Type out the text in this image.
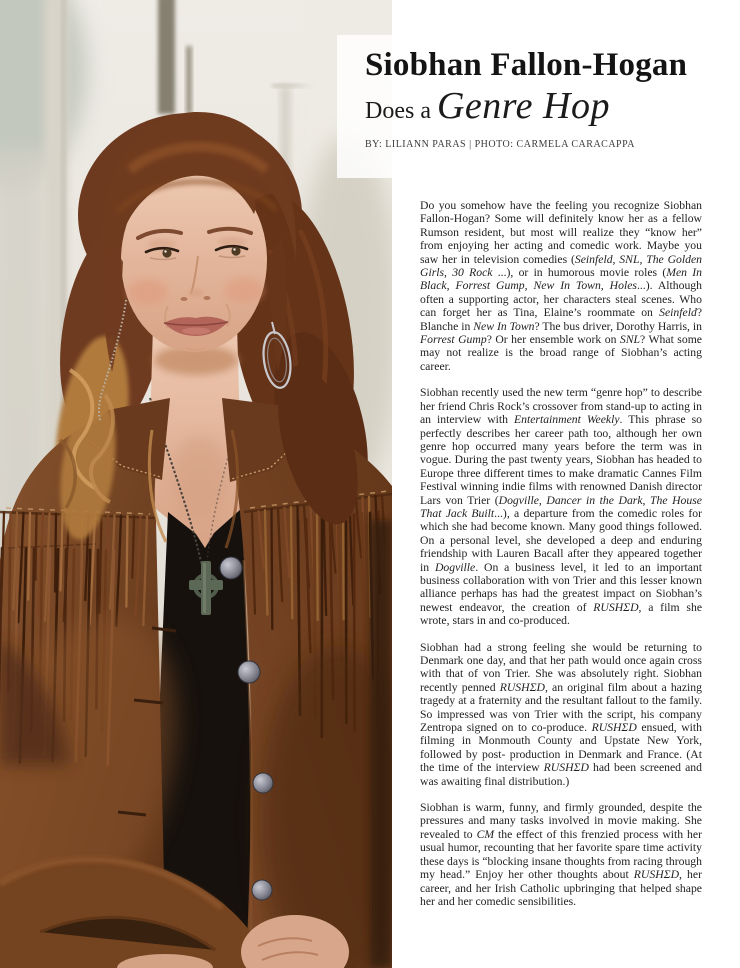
Siobhan Fallon-Hogan
Does a Genre Hop
BY: LILIANN PARAS | PHOTO: CARMELA CARACAPPA

Do you somehow have the feeling you recognize Siobhan Fallon-Hogan? Some will definitely know her as a fellow Rumson resident, but most will realize they “know her” from enjoying her acting and comedic work. Maybe you saw her in television comedies (Seinfeld, SNL, The Golden Girls, 30 Rock ...), or in humorous movie roles (Men In Black, Forrest Gump, New In Town, Holes...). Although often a supporting actor, her characters steal scenes. Who can forget her as Tina, Elaine’s roommate on Seinfeld? Blanche in New In Town? The bus driver, Dorothy Harris, in Forrest Gump? Or her ensemble work on SNL? What some may not realize is the broad range of Siobhan’s acting career.

Siobhan recently used the new term “genre hop” to describe her friend Chris Rock’s crossover from stand-up to acting in an interview with Entertainment Weekly. This phrase so perfectly describes her career path too, although her own genre hop occurred many years before the term was in vogue. During the past twenty years, Siobhan has headed to Europe three different times to make dramatic Cannes Film Festival winning indie films with renowned Danish director Lars von Trier (Dogville, Dancer in the Dark, The House That Jack Built...), a departure from the comedic roles for which she had become known. Many good things followed. On a personal level, she developed a deep and enduring friendship with Lauren Bacall after they appeared together in Dogville. On a business level, it led to an important business collaboration with von Trier and this lesser known alliance perhaps has had the greatest impact on Siobhan’s newest endeavor, the creation of RUSHΣD, a film she wrote, stars in and co-produced.

Siobhan had a strong feeling she would be returning to Denmark one day, and that her path would once again cross with that of von Trier. She was absolutely right. Siobhan recently penned RUSHΣD, an original film about a hazing tragedy at a fraternity and the resultant fallout to the family. So impressed was von Trier with the script, his company Zentropa signed on to co-produce. RUSHΣD ensued, with filming in Monmouth County and Upstate New York, followed by post- production in Denmark and France. (At the time of the interview RUSHΣD had been screened and was awaiting final distribution.)

Siobhan is warm, funny, and firmly grounded, despite the pressures and many tasks involved in movie making. She revealed to CM the effect of this frenzied process with her usual humor, recounting that her favorite spare time activity these days is “blocking insane thoughts from racing through my head.” Enjoy her other thoughts about RUSHΣD, her career, and her Irish Catholic upbringing that helped shape her and her comedic sensibilities.
